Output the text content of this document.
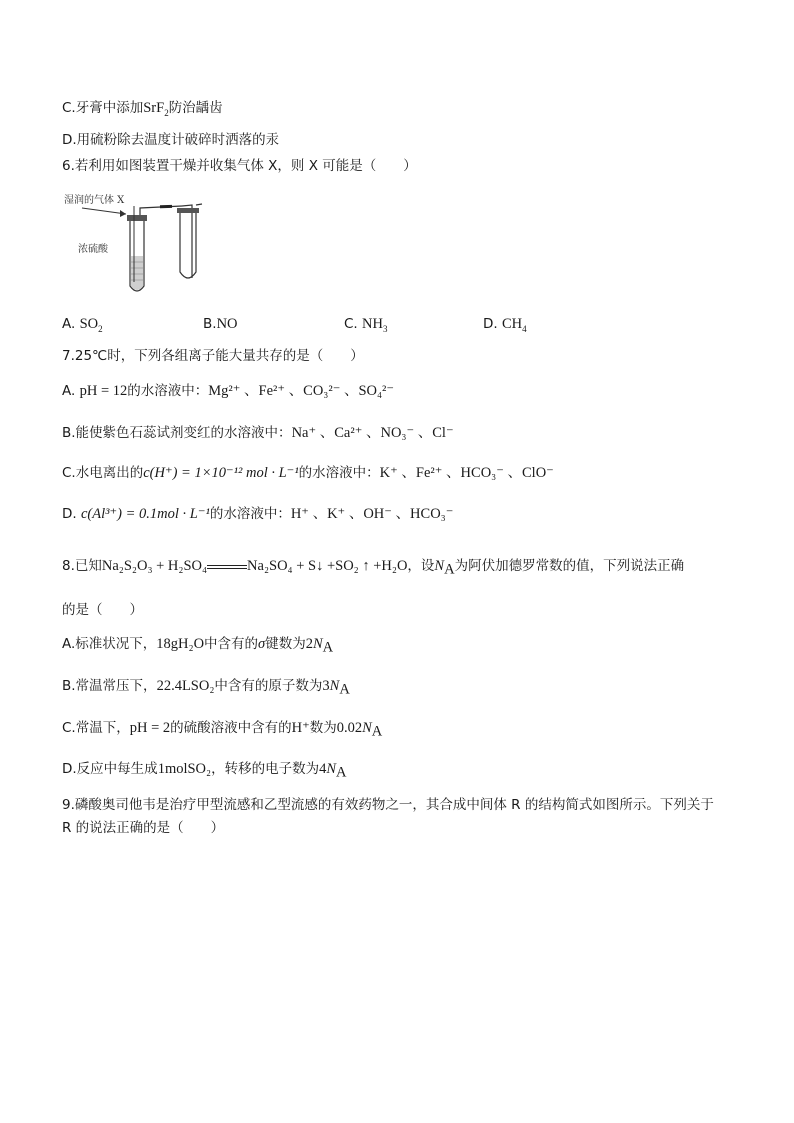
C.牙膏中添加SrF$_2$防治龋齿
D.用硫粉除去温度计破碎时洒落的汞
6.若利用如图装置干燥并收集气体 X，则 X 可能是（　　）
湿润的气体 X
浓硫酸
A. $SO_2$	B.NO	C. $NH_3$	D. $CH_4$
7.25℃时，下列各组离子能大量共存的是（　　）
A. pH = 12的水溶液中：Mg²⁺ 、Fe²⁺ 、CO₃²⁻ 、SO₄²⁻
B.能使紫色石蕊试剂变红的水溶液中：Na⁺ 、Ca²⁺ 、NO₃⁻ 、Cl⁻
C.水电离出的c(H⁺) = 1×10⁻¹² mol · L⁻¹的水溶液中：K⁺ 、Fe²⁺ 、HCO₃⁻ 、ClO⁻
D. c(Al³⁺) = 0.1mol · L⁻¹的水溶液中：H⁺ 、K⁺ 、OH⁻ 、HCO₃⁻
8.已知Na₂S₂O₃ + H₂SO₄	Na₂SO₄ + S↓ +SO₂ ↑ +H₂O，设$N_A$为阿伏加德罗常数的值，下列说法正确
的是（　　）
A.标准状况下，18gH₂O中含有的σ键数为$2N_A$
B.常温常压下，22.4LSO₂中含有的原子数为$3N_A$
C.常温下，pH = 2的硫酸溶液中含有的H⁺数为$0.02N_A$
D.反应中每生成1molSO₂，转移的电子数为$4N_A$
9.磷酸奥司他韦是治疗甲型流感和乙型流感的有效药物之一，其合成中间体 R 的结构简式如图所示。下列关于
R 的说法正确的是（　　）
